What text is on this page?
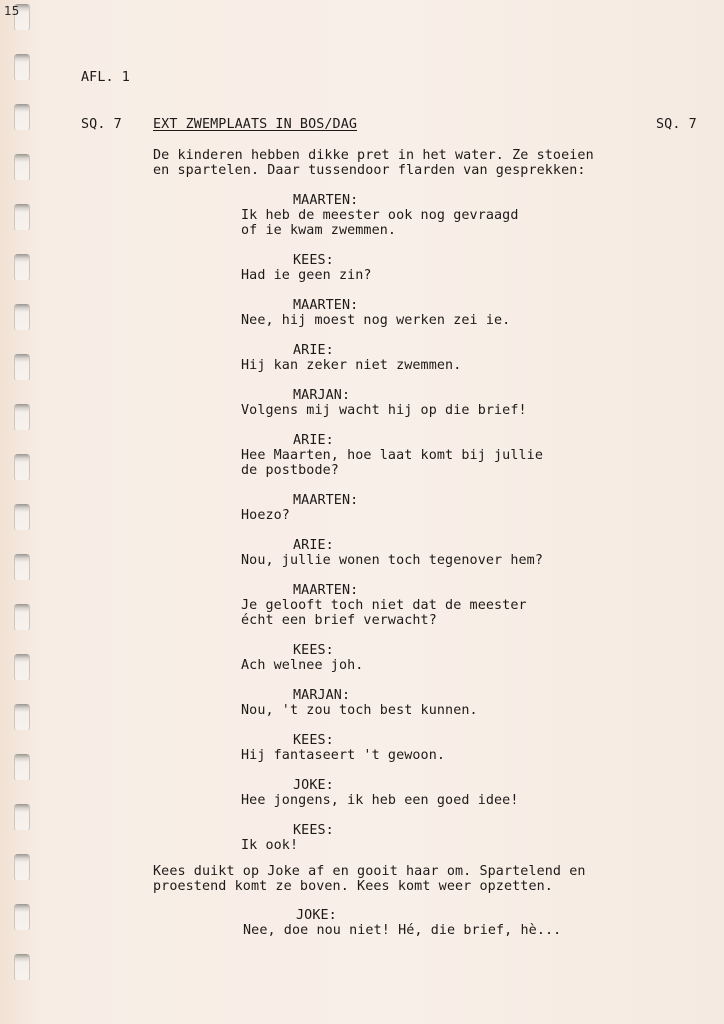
15
AFL. 1
SQ. 7 EXT ZWEMPLAATS IN BOS/DAG	SQ. 7
De kinderen hebben dikke pret in het water. Ze stoeien
en spartelen. Daar tussendoor flarden van gesprekken:
MAARTEN:
Ik heb de meester ook nog gevraagd
of ie kwam zwemmen.
KEES:
Had ie geen zin?
MAARTEN:
Nee, hij moest nog werken zei ie.
ARIE:
Hij kan zeker niet zwemmen.
MARJAN:
Volgens mij wacht hij op die brief!
ARIE:
Hee Maarten, hoe laat komt bij jullie
de postbode?
MAARTEN:
Hoezo?
ARIE:
Nou, jullie wonen toch tegenover hem?
MAARTEN:
Je gelooft toch niet dat de meester
écht een brief verwacht?
KEES:
Ach welnee joh.
MARJAN:
Nou, 't zou toch best kunnen.
KEES:
Hij fantaseert 't gewoon.
JOKE:
Hee jongens, ik heb een goed idee!
KEES:
Ik ook!
Kees duikt op Joke af en gooit haar om. Spartelend en
proestend komt ze boven. Kees komt weer opzetten.
JOKE:
Nee, doe nou niet! Hé, die brief, hè...
